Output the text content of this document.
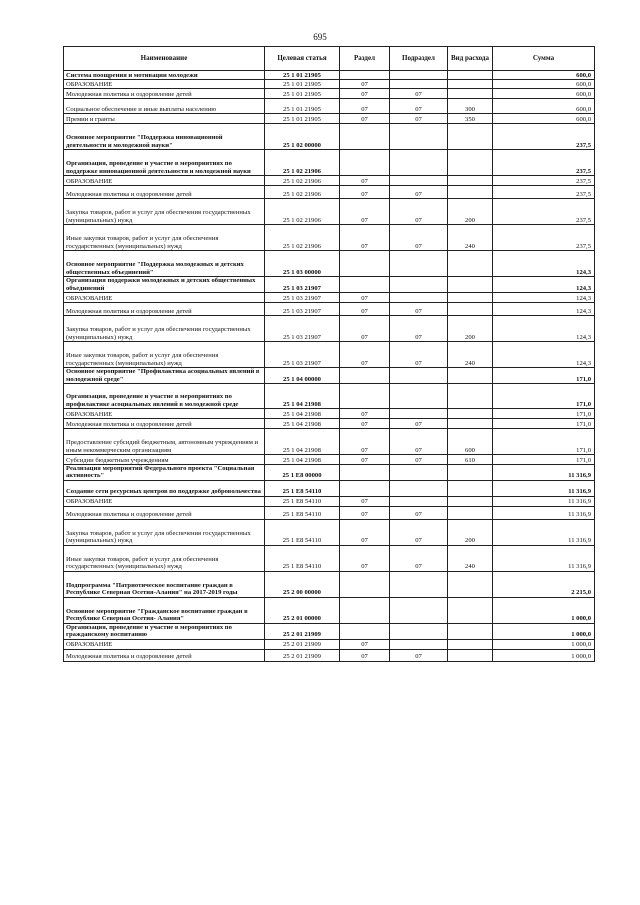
695
Наименование	Целевая статья	Раздел	Подраздел	Вид расхода	Сумма
Система поощрения и мотивации молодежи	25 1 01 21905				600,0
ОБРАЗОВАНИЕ	25 1 01 21905	07			600,0
Молодежная политика и оздоровление детей	25 1 01 21905	07	07		600,0
Социальное обеспечение и иные выплаты населению	25 1 01 21905	07	07	300	600,0
Премии и гранты	25 1 01 21905	07	07	350	600,0
Основное мероприятие "Поддержка инновационной деятельности и молодежной науки"	25 1 02 00000				237,5
Организация, проведение и участие в мероприятиях по поддержке инновационной деятельности и молодежной науки	25 1 02 21906				237,5
ОБРАЗОВАНИЕ	25 1 02 21906	07			237,5
Молодежная политика и оздоровление детей	25 1 02 21906	07	07		237,5
Закупка товаров, работ и услуг для обеспечения государственных (муниципальных) нужд	25 1 02 21906	07	07	200	237,5
Иные закупки товаров, работ и услуг для обеспечения государственных (муниципальных) нужд	25 1 02 21906	07	07	240	237,5
Основное мероприятие "Поддержка молодежных и детских общественных объединений"	25 1 03 00000				124,3
Организация поддержки молодежных и детских общественных объединений	25 1 03 21907				124,3
ОБРАЗОВАНИЕ	25 1 03 21907	07			124,3
Молодежная политика и оздоровление детей	25 1 03 21907	07	07		124,3
Закупка товаров, работ и услуг для обеспечения государственных (муниципальных) нужд	25 1 03 21907	07	07	200	124,3
Иные закупки товаров, работ и услуг для обеспечения государственных (муниципальных) нужд	25 1 03 21907	07	07	240	124,3
Основное мероприятие "Профилактика асоциальных явлений в молодежной среде"	25 1 04 00000				171,0
Организация, проведение и участие в мероприятиях по профилактике асоциальных явлений в молодежной среде	25 1 04 21908				171,0
ОБРАЗОВАНИЕ	25 1 04 21908	07			171,0
Молодежная политика и оздоровление детей	25 1 04 21908	07	07		171,0
Предоставление субсидий бюджетным, автономным учреждениям и иным некоммерческим организациям	25 1 04 21908	07	07	600	171,0
Субсидии бюджетным учреждениям	25 1 04 21908	07	07	610	171,0
Реализация мероприятий Федерального проекта "Социальная активность"	25 1 E8 00000				11 316,9
Создание сети ресурсных центров по поддержке добровольчества	25 1 E8 54110				11 316,9
ОБРАЗОВАНИЕ	25 1 E8 54110	07			11 316,9
Молодежная политика и оздоровление детей	25 1 E8 54110	07	07		11 316,9
Закупка товаров, работ и услуг для обеспечения государственных (муниципальных) нужд	25 1 E8 54110	07	07	200	11 316,9
Иные закупки товаров, работ и услуг для обеспечения государственных (муниципальных) нужд	25 1 E8 54110	07	07	240	11 316,9
Подпрограмма "Патриотическое воспитание граждан в Республике Северная Осетия-Алания" на 2017-2019 годы	25 2 00 00000				2 215,0
Основное мероприятие "Гражданское воспитание граждан в Республике Северная Осетия- Алания"	25 2 01 00000				1 000,0
Организация, проведение и участие в мероприятиях по гражданскому воспитанию	25 2 01 21909				1 000,0
ОБРАЗОВАНИЕ	25 2 01 21909	07			1 000,0
Молодежная политика и оздоровление детей	25 2 01 21909	07	07		1 000,0
